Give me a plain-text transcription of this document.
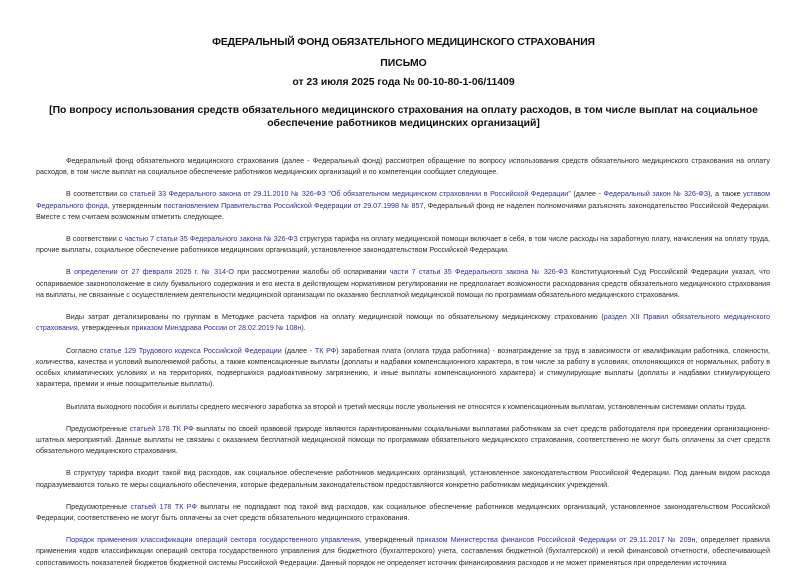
ФЕДЕРАЛЬНЫЙ ФОНД ОБЯЗАТЕЛЬНОГО МЕДИЦИНСКОГО СТРАХОВАНИЯ
ПИСЬМО
от 23 июля 2025 года № 00-10-80-1-06/11409
[По вопросу использования средств обязательного медицинского страхования на оплату расходов, в том числе выплат на социальное обеспечение работников медицинских организаций]

Федеральный фонд обязательного медицинского страхования (далее - Федеральный фонд) рассмотрел обращение по вопросу использования средств обязательного медицинского страхования на оплату расходов, в том числе выплат на социальное обеспечение работников медицинских организаций и по компетенции сообщает следующее.

В соответствии со статьей 33 Федерального закона от 29.11.2010 № 326-ФЗ "Об обязательном медицинском страховании в Российской Федерации" (далее - Федеральный закон № 326-ФЗ), а также уставом Федерального фонда, утвержденным постановлением Правительства Российской Федерации от 29.07.1998 № 857, Федеральный фонд не наделен полномочиями разъяснять законодательство Российской Федерации. Вместе с тем считаем возможным отметить следующее.

В соответствии с частью 7 статьи 35 Федерального закона № 326-ФЗ структура тарифа на оплату медицинской помощи включает в себя, в том числе расходы на заработную плату, начисления на оплату труда, прочие выплаты, социальное обеспечение работников медицинских организаций, установленное законодательством Российской Федерации.

В определении от 27 февраля 2025 г. № 314-О при рассмотрении жалобы об оспаривании части 7 статьи 35 Федерального закона № 326-ФЗ Конституционный Суд Российской Федерации указал, что оспариваемое законоположение в силу буквального содержания и его места в действующем нормативном регулировании не предполагает возможности расходования средств обязательного медицинского страхования на выплаты, не связанные с осуществлением деятельности медицинской организации по оказанию бесплатной медицинской помощи по программам обязательного медицинского страхования.

Виды затрат детализированы по группам в Методике расчета тарифов на оплату медицинской помощи по обязательному медицинскому страхованию (раздел XII Правил обязательного медицинского страхования, утвержденных приказом Минздрава России от 28.02.2019 № 108н).

Согласно статье 129 Трудового кодекса Российской Федерации (далее - ТК РФ) заработная плата (оплата труда работника) - вознаграждение за труд в зависимости от квалификации работника, сложности, количества, качества и условий выполняемой работы, а также компенсационные выплаты (доплаты и надбавки компенсационного характера, в том числе за работу в условиях, отклоняющихся от нормальных, работу в особых климатических условиях и на территориях, подвергшихся радиоактивному загрязнению, и иные выплаты компенсационного характера) и стимулирующие выплаты (доплаты и надбавки стимулирующего характера, премии и иные поощрительные выплаты).

Выплата выходного пособия и выплаты среднего месячного заработка за второй и третий месяцы после увольнения не относятся к компенсационным выплатам, установленным системами оплаты труда.

Предусмотренные статьей 178 ТК РФ выплаты по своей правовой природе являются гарантированными социальными выплатами работникам за счет средств работодателя при проведении организационно-штатных мероприятий. Данные выплаты не связаны с оказанием бесплатной медицинской помощи по программам обязательного медицинского страхования, соответственно не могут быть оплачены за счет средств обязательного медицинского страхования.

В структуру тарифа входит такой вид расходов, как социальное обеспечение работников медицинских организаций, установленное законодательством Российской Федерации. Под данным видом расхода подразумеваются только те меры социального обеспечения, которые федеральным законодательством предоставляются конкретно работникам медицинских учреждений.

Предусмотренные статьей 178 ТК РФ выплаты не подпадают под такой вид расходов, как социальное обеспечение работников медицинских организаций, установленное законодательством Российской Федерации, соответственно не могут быть оплачены за счет средств обязательного медицинского страхования.

Порядок применения классификации операций сектора государственного управления, утвержденный приказом Министерства финансов Российской Федерации от 29.11.2017 № 209н, определяет правила применения кодов классификации операций сектора государственного управления для бюджетного (бухгалтерского) учета, составления бюджетной (бухгалтерской) и иной финансовой отчетности, обеспечивающей сопоставимость показателей бюджетов бюджетной системы Российской Федерации. Данный порядок не определяет источник финансирования расходов и не может применяться при определении источника
